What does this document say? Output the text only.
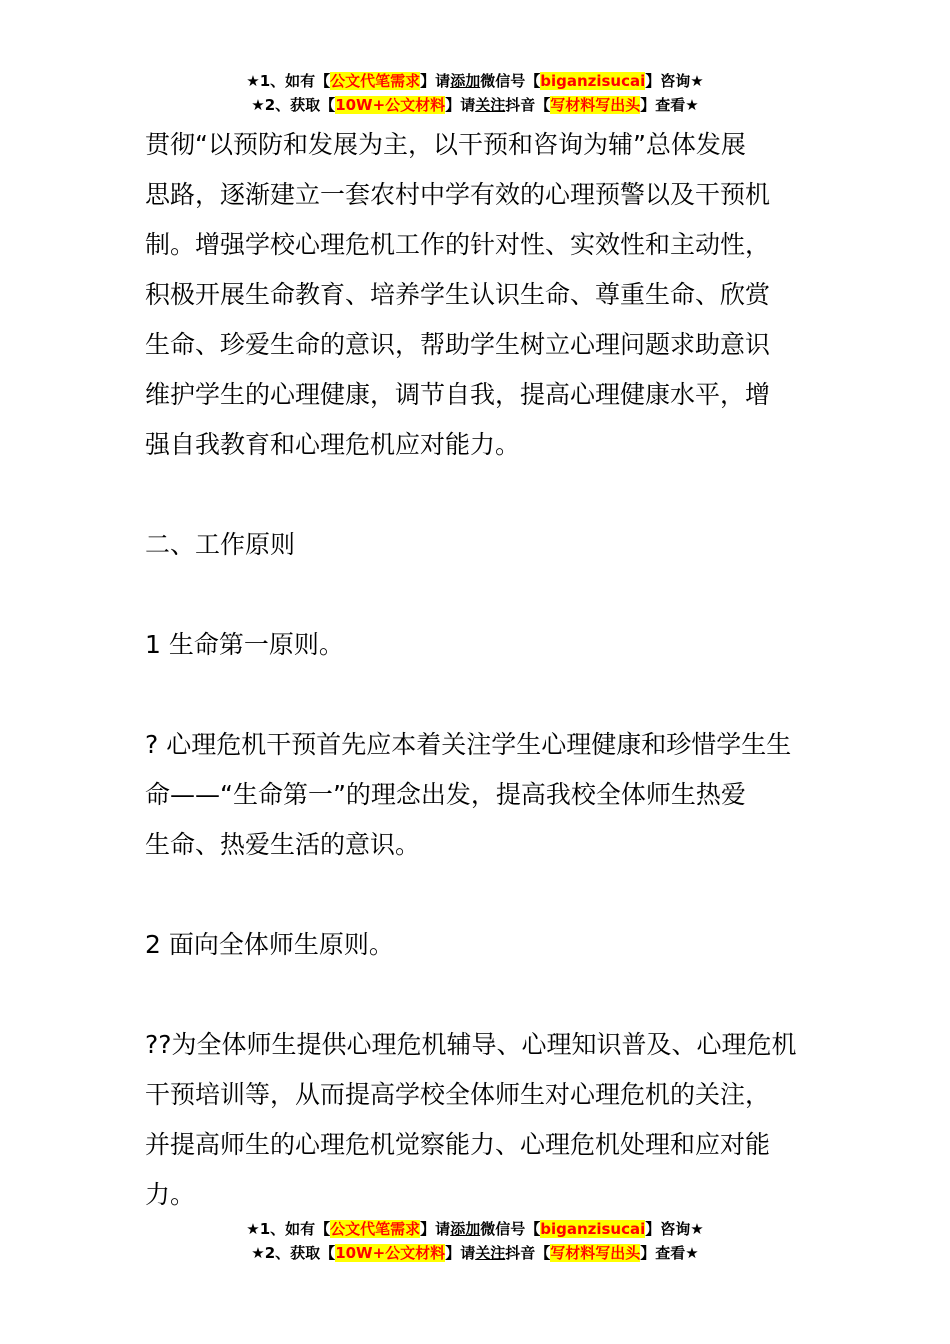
★1、如有【公文代笔需求】请添加微信号【biganzisucai】咨询★
★2、获取【10W+公文材料】请关注抖音【写材料写出头】查看★
贯彻“以预防和发展为主，以干预和咨询为辅”总体发展
思路，逐渐建立一套农村中学有效的心理预警以及干预机
制。增强学校心理危机工作的针对性、实效性和主动性，
积极开展生命教育、培养学生认识生命、尊重生命、欣赏
生命、珍爱生命的意识，帮助学生树立心理问题求助意识
维护学生的心理健康，调节自我，提高心理健康水平，增
强自我教育和心理危机应对能力。
二、工作原则
1 生命第一原则。
? 心理危机干预首先应本着关注学生心理健康和珍惜学生生
命——“生命第一”的理念出发，提高我校全体师生热爱
生命、热爱生活的意识。
2 面向全体师生原则。
??为全体师生提供心理危机辅导、心理知识普及、心理危机
干预培训等，从而提高学校全体师生对心理危机的关注，
并提高师生的心理危机觉察能力、心理危机处理和应对能
力。
★1、如有【公文代笔需求】请添加微信号【biganzisucai】咨询★
★2、获取【10W+公文材料】请关注抖音【写材料写出头】查看★
